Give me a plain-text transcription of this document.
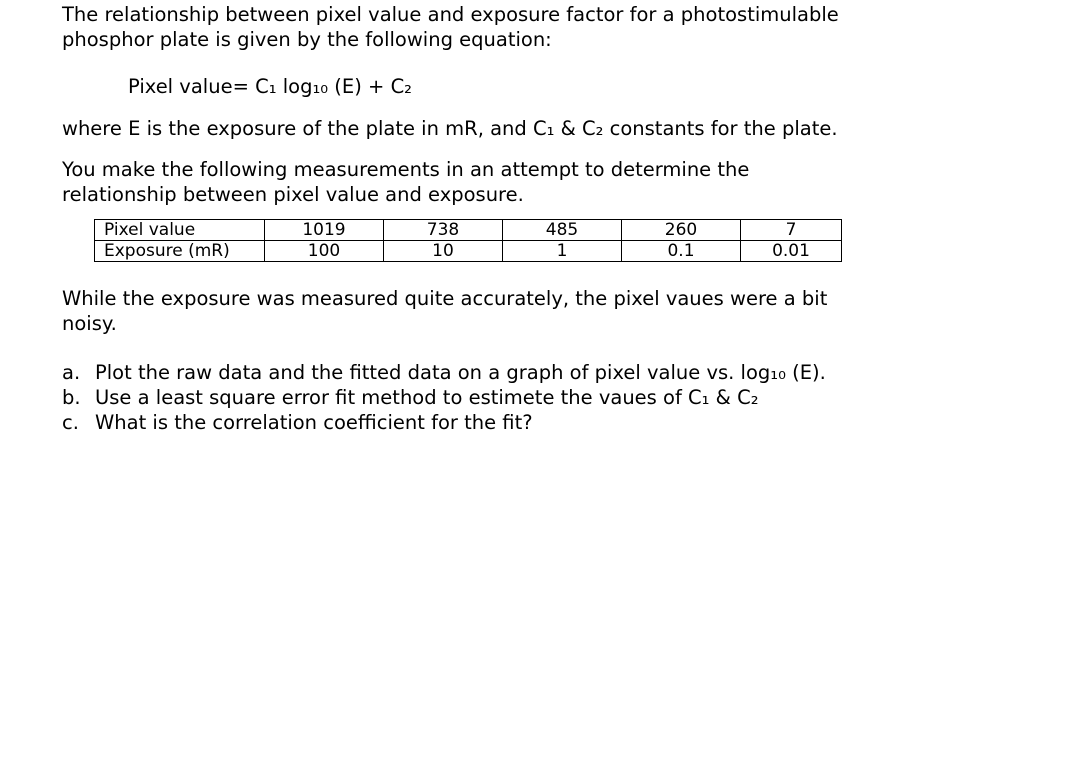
The relationship between pixel value and exposure factor for a photostimulable
phosphor plate is given by the following equation:

Pixel value= C₁ log₁₀ (E) + C₂

where E is the exposure of the plate in mR, and C₁ & C₂ constants for the plate.

You make the following measurements in an attempt to determine the
relationship between pixel value and exposure.

Pixel value	1019	738	485	260	7
Exposure (mR)	100	10	1	0.1	0.01

While the exposure was measured quite accurately, the pixel vaues were a bit
noisy.

a. Plot the raw data and the fitted data on a graph of pixel value vs. log₁₀ (E).
b. Use a least square error fit method to estimete the vaues of C₁ & C₂
c. What is the correlation coefficient for the fit?
